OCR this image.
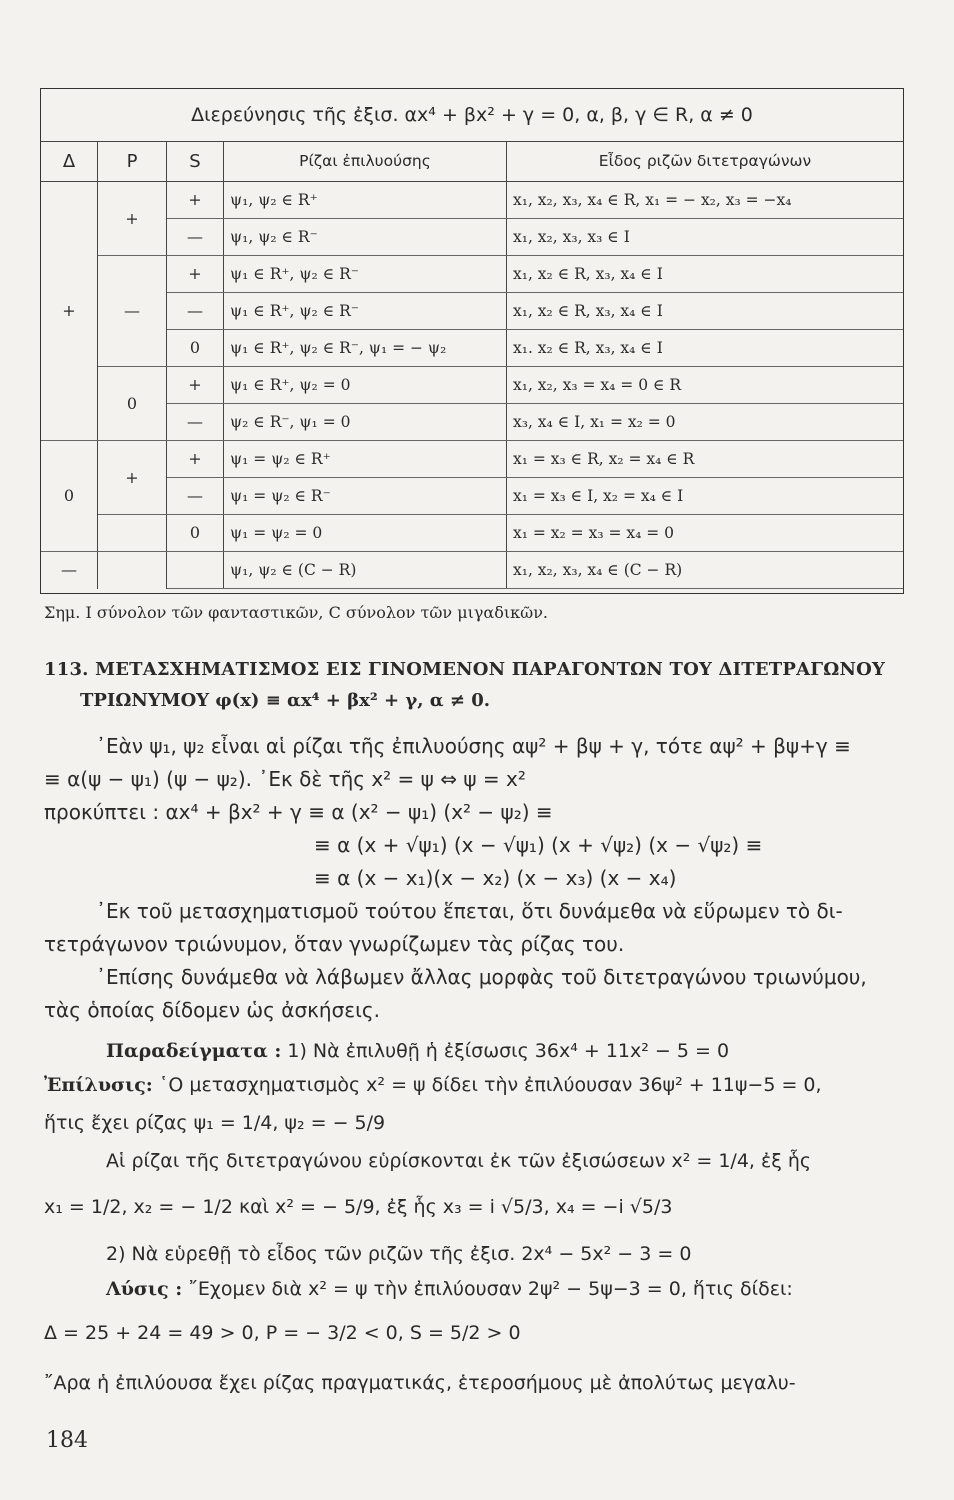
Διερεύνησις τῆς ἐξισ. αx⁴ + βx² + γ = 0, α, β, γ ∈ R, α ≠ 0
Δ	P	S	Ρίζαι ἐπιλυούσης	Εἶδος ριζῶν διτετραγώνων
+	+	+	ψ₁, ψ₂ ∈ R⁺	x₁, x₂, x₃, x₄ ∈ R, x₁ = − x₂, x₃ = −x₄
		—	ψ₁, ψ₂ ∈ R⁻	x₁, x₂, x₃, x₃ ∈ I
	—	+	ψ₁ ∈ R⁺, ψ₂ ∈ R⁻	x₁, x₂ ∈ R, x₃, x₄ ∈ I
		—	ψ₁ ∈ R⁺, ψ₂ ∈ R⁻	x₁, x₂ ∈ R, x₃, x₄ ∈ I
		0	ψ₁ ∈ R⁺, ψ₂ ∈ R⁻, ψ₁ = − ψ₂	x₁. x₂ ∈ R, x₃, x₄ ∈ I
	0	+	ψ₁ ∈ R⁺, ψ₂ = 0	x₁, x₂, x₃ = x₄ = 0 ∈ R
		—	ψ₂ ∈ R⁻, ψ₁ = 0	x₃, x₄ ∈ I, x₁ = x₂ = 0
0	+	+	ψ₁ = ψ₂ ∈ R⁺	x₁ = x₃ ∈ R, x₂ = x₄ ∈ R
		—	ψ₁ = ψ₂ ∈ R⁻	x₁ = x₃ ∈ I, x₂ = x₄ ∈ I
		0	ψ₁ = ψ₂ = 0	x₁ = x₂ = x₃ = x₄ = 0
—			ψ₁, ψ₂ ∈ (C − R)	x₁, x₂, x₃, x₄ ∈ (C − R)
Σημ. I σύνολον τῶν φανταστικῶν, C σύνολον τῶν μιγαδικῶν.
113. ΜΕΤΑΣΧΗΜΑΤΙΣΜΟΣ ΕΙΣ ΓΙΝΟΜΕΝΟΝ ΠΑΡΑΓΟΝΤΩΝ ΤΟΥ ΔΙΤΕΤΡΑΓΩΝΟΥ
ΤΡΙΩΝΥΜΟΥ φ(x) ≡ αx⁴ + βx² + γ, α ≠ 0.
᾿Εὰν ψ₁, ψ₂ εἶναι αἱ ρίζαι τῆς ἐπιλυούσης αψ² + βψ + γ, τότε αψ² + βψ+γ ≡
≡ α(ψ − ψ₁) (ψ − ψ₂). ᾿Εκ δὲ τῆς x² = ψ ⇔ ψ = x²
προκύπτει : αx⁴ + βx² + γ ≡ α (x² − ψ₁) (x² − ψ₂) ≡
≡ α (x + √ψ₁) (x − √ψ₁) (x + √ψ₂) (x − √ψ₂) ≡
≡ α (x − x₁)(x − x₂) (x − x₃) (x − x₄)
᾿Εκ τοῦ μετασχηματισμοῦ τούτου ἕπεται, ὅτι δυνάμεθα νὰ εὕρωμεν τὸ δι-
τετράγωνον τριώνυμον, ὅταν γνωρίζωμεν τὰς ρίζας του.
᾿Επίσης δυνάμεθα νὰ λάβωμεν ἄλλας μορφὰς τοῦ διτετραγώνου τριωνύμου,
τὰς ὁποίας δίδομεν ὡς ἀσκήσεις.
Παραδείγματα : 1) Νὰ ἐπιλυθῇ ἡ ἐξίσωσις 36x⁴ + 11x² − 5 = 0
Ἐπίλυσις: ῾Ο μετασχηματισμὸς x² = ψ δίδει τὴν ἐπιλύουσαν 36ψ² + 11ψ−5 = 0,
ἥτις ἔχει ρίζας ψ₁ = 1/4, ψ₂ = − 5/9
Αἱ ρίζαι τῆς διτετραγώνου εὑρίσκονται ἐκ τῶν ἐξισώσεων x² = 1/4, ἐξ ἧς
x₁ = 1/2, x₂ = − 1/2 καὶ x² = − 5/9, ἐξ ἧς x₃ = i √5/3, x₄ = −i √5/3
2) Νὰ εὑρεθῇ τὸ εἶδος τῶν ριζῶν τῆς ἐξισ. 2x⁴ − 5x² − 3 = 0
Λύσις : ῎Εχομεν διὰ x² = ψ τὴν ἐπιλύουσαν 2ψ² − 5ψ−3 = 0, ἥτις δίδει:
Δ = 25 + 24 = 49 > 0, P = − 3/2 < 0, S = 5/2 > 0
῎Αρα ἡ ἐπιλύουσα ἔχει ρίζας πραγματικάς, ἑτεροσήμους μὲ ἀπολύτως μεγαλυ-
184
